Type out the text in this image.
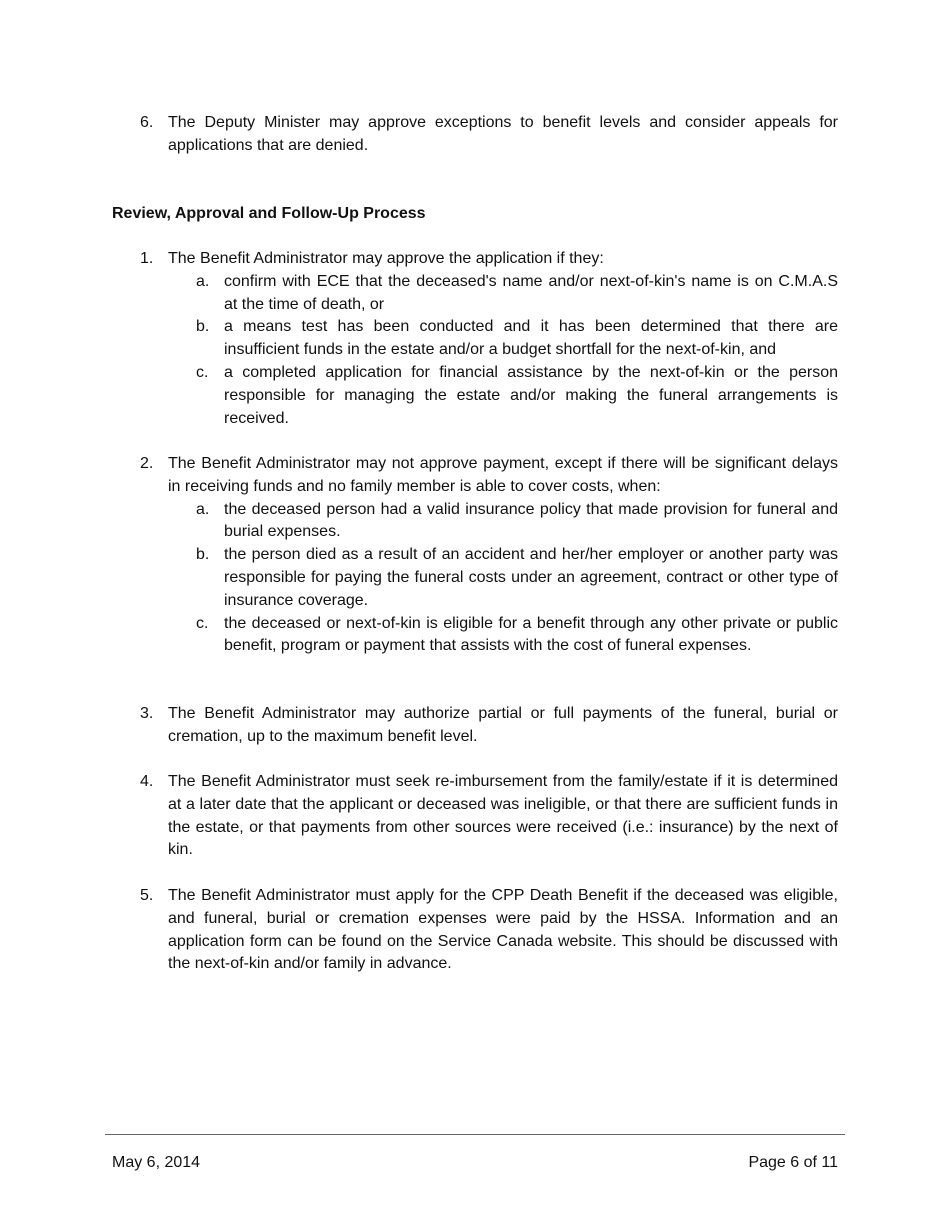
6. The Deputy Minister may approve exceptions to benefit levels and consider appeals for applications that are denied.
Review, Approval and Follow-Up Process
1. The Benefit Administrator may approve the application if they:
a. confirm with ECE that the deceased's name and/or next-of-kin's name is on C.M.A.S at the time of death, or
b. a means test has been conducted and it has been determined that there are insufficient funds in the estate and/or a budget shortfall for the next-of-kin, and
c. a completed application for financial assistance by the next-of-kin or the person responsible for managing the estate and/or making the funeral arrangements is received.
2. The Benefit Administrator may not approve payment, except if there will be significant delays in receiving funds and no family member is able to cover costs, when:
a. the deceased person had a valid insurance policy that made provision for funeral and burial expenses.
b. the person died as a result of an accident and her/her employer or another party was responsible for paying the funeral costs under an agreement, contract or other type of insurance coverage.
c. the deceased or next-of-kin is eligible for a benefit through any other private or public benefit, program or payment that assists with the cost of funeral expenses.
3. The Benefit Administrator may authorize partial or full payments of the funeral, burial or cremation, up to the maximum benefit level.
4. The Benefit Administrator must seek re-imbursement from the family/estate if it is determined at a later date that the applicant or deceased was ineligible, or that there are sufficient funds in the estate, or that payments from other sources were received (i.e.: insurance) by the next of kin.
5. The Benefit Administrator must apply for the CPP Death Benefit if the deceased was eligible, and funeral, burial or cremation expenses were paid by the HSSA. Information and an application form can be found on the Service Canada website. This should be discussed with the next-of-kin and/or family in advance.
May 6, 2014	Page 6 of 11
